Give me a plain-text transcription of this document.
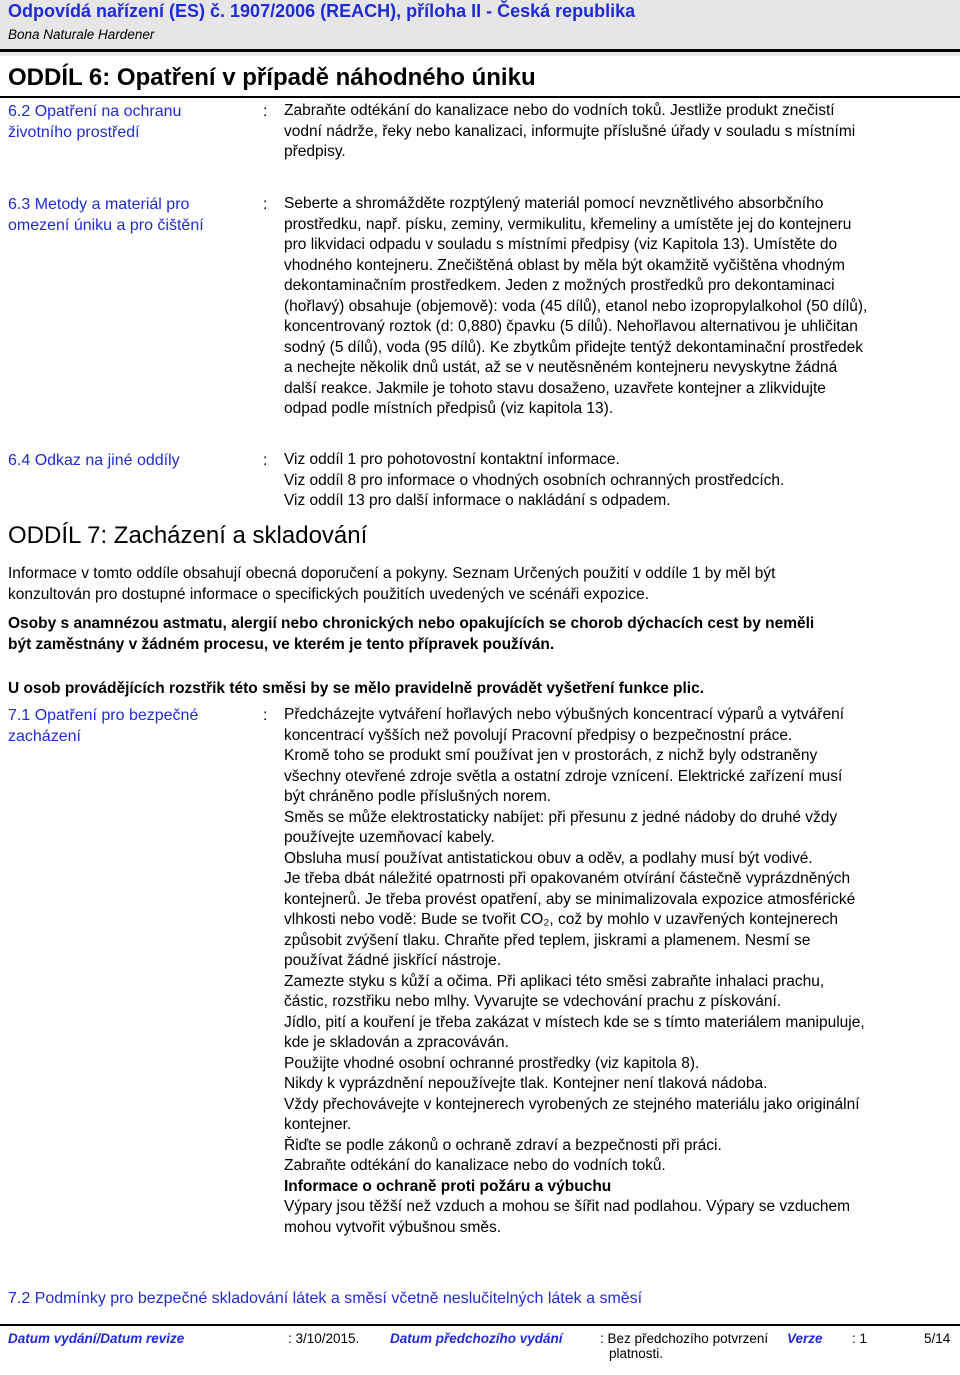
Odpovídá nařízení (ES) č. 1907/2006 (REACH), příloha II - Česká republika
Bona Naturale Hardener
ODDÍL 6: Opatření v případě náhodného úniku
6.2 Opatření na ochranu
životního prostředí
: Zabraňte odtékání do kanalizace nebo do vodních toků. Jestliže produkt znečistí
vodní nádrže, řeky nebo kanalizaci, informujte příslušné úřady v souladu s místními
předpisy.
6.3 Metody a materiál pro
omezení úniku a pro čištění
: Seberte a shromážděte rozptýlený materiál pomocí nevznětlivého absorbčního
prostředku, např. písku, zeminy, vermikulitu, křemeliny a umístěte jej do kontejneru
pro likvidaci odpadu v souladu s místními předpisy (viz Kapitola 13). Umístěte do
vhodného kontejneru. Znečištěná oblast by měla být okamžitě vyčištěna vhodným
dekontaminačním prostředkem. Jeden z možných prostředků pro dekontaminaci
(hořlavý) obsahuje (objemově): voda (45 dílů), etanol nebo izopropylalkohol (50 dílů),
koncentrovaný roztok (d: 0,880) čpavku (5 dílů). Nehořlavou alternativou je uhličitan
sodný (5 dílů), voda (95 dílů). Ke zbytkům přidejte tentýž dekontaminační prostředek
a nechejte několik dnů ustát, až se v neutěsněném kontejneru nevyskytne žádná
další reakce. Jakmile je tohoto stavu dosaženo, uzavřete kontejner a zlikvidujte
odpad podle místních předpisů (viz kapitola 13).
6.4 Odkaz na jiné oddíly	: Viz oddíl 1 pro pohotovostní kontaktní informace.
Viz oddíl 8 pro informace o vhodných osobních ochranných prostředcích.
Viz oddíl 13 pro další informace o nakládání s odpadem.
ODDÍL 7: Zacházení a skladování
Informace v tomto oddíle obsahují obecná doporučení a pokyny. Seznam Určených použití v oddíle 1 by měl být
konzultován pro dostupné informace o specifických použitích uvedených ve scénáři expozice.
Osoby s anamnézou astmatu, alergií nebo chronických nebo opakujících se chorob dýchacích cest by neměli
být zaměstnány v žádném procesu, ve kterém je tento přípravek používán.
U osob provádějících rozstřik této směsi by se mělo pravidelně provádět vyšetření funkce plic.
7.1 Opatření pro bezpečné
zacházení
: Předcházejte vytváření hořlavých nebo výbušných koncentrací výparů a vytváření
koncentrací vyšších než povolují Pracovní předpisy o bezpečnostní práce.
Kromě toho se produkt smí používat jen v prostorách, z nichž byly odstraněny
všechny otevřené zdroje světla a ostatní zdroje vznícení. Elektrické zařízení musí
být chráněno podle příslušných norem.
Směs se může elektrostaticky nabíjet: při přesunu z jedné nádoby do druhé vždy
používejte uzemňovací kabely.
Obsluha musí používat antistatickou obuv a oděv, a podlahy musí být vodivé.
Je třeba dbát náležité opatrnosti při opakovaném otvírání částečně vyprázdněných
kontejnerů. Je třeba provést opatření, aby se minimalizovala expozice atmosférické
vlhkosti nebo vodě: Bude se tvořit CO₂, což by mohlo v uzavřených kontejnerech
způsobit zvýšení tlaku. Chraňte před teplem, jiskrami a plamenem. Nesmí se
používat žádné jiskřící nástroje.
Zamezte styku s kůží a očima. Při aplikaci této směsi zabraňte inhalaci prachu,
částic, rozstřiku nebo mlhy. Vyvarujte se vdechování prachu z pískování.
Jídlo, pití a kouření je třeba zakázat v místech kde se s tímto materiálem manipuluje,
kde je skladován a zpracováván.
Použijte vhodné osobní ochranné prostředky (viz kapitola 8).
Nikdy k vyprázdnění nepoužívejte tlak. Kontejner není tlaková nádoba.
Vždy přechovávejte v kontejnerech vyrobených ze stejného materiálu jako originální
kontejner.
Řiďte se podle zákonů o ochraně zdraví a bezpečnosti při práci.
Zabraňte odtékání do kanalizace nebo do vodních toků.
Informace o ochraně proti požáru a výbuchu
Výpary jsou těžší než vzduch a mohou se šířit nad podlahou. Výpary se vzduchem
mohou vytvořit výbušnou směs.
7.2 Podmínky pro bezpečné skladování látek a směsí včetně neslučitelných látek a směsí
Datum vydání/Datum revize	: 3/10/2015. Datum předchozího vydání	: Bez předchozího potvrzení
platnosti.
Verze : 1	5/14
